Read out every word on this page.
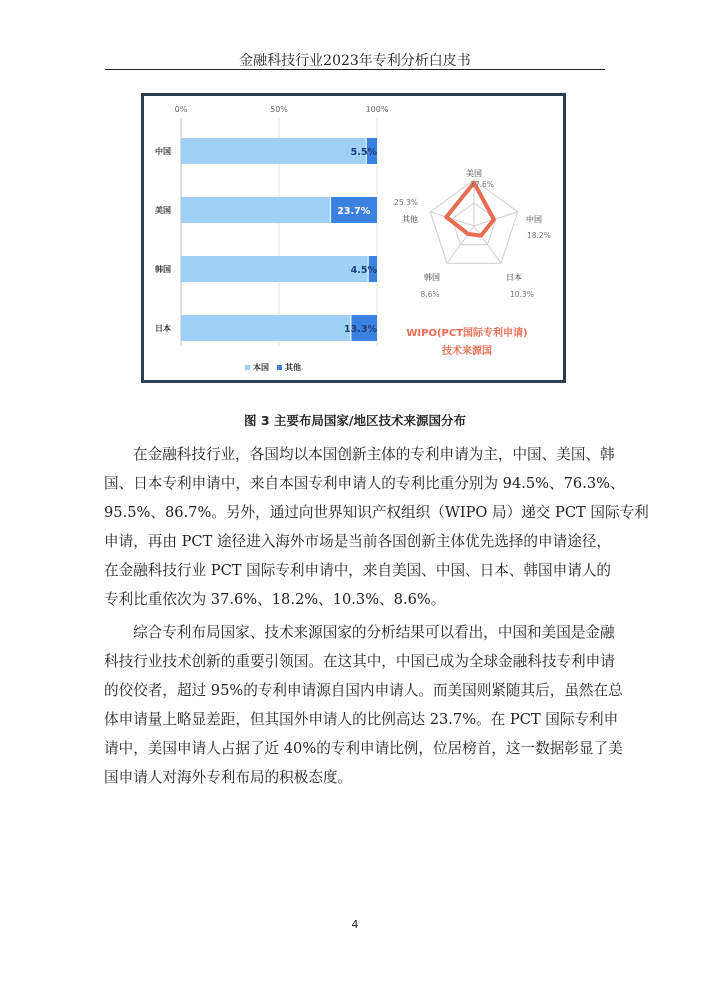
金融科技行业2023年专利分析白皮书
0%	50%	100%
中国	5.5%
美国	23.7%
韩国	4.5%
日本	13.3%
本国 其他
美国
37.6%
中国
18.2%
日本
10.3%
韩国
8.6%
其他
25.3%
WIPO(PCT国际专利申请)
技术来源国
图 3 主要布局国家/地区技术来源国分布
在金融科技行业，各国均以本国创新主体的专利申请为主，中国、美国、韩
国、日本专利申请中，来自本国专利申请人的专利比重分别为 94.5%、76.3%、
95.5%、86.7%。另外，通过向世界知识产权组织（WIPO 局）递交 PCT 国际专利
申请，再由 PCT 途径进入海外市场是当前各国创新主体优先选择的申请途径，
在金融科技行业 PCT 国际专利申请中，来自美国、中国、日本、韩国申请人的
专利比重依次为 37.6%、18.2%、10.3%、8.6%。
综合专利布局国家、技术来源国家的分析结果可以看出，中国和美国是金融
科技行业技术创新的重要引领国。在这其中，中国已成为全球金融科技专利申请
的佼佼者，超过 95%的专利申请源自国内申请人。而美国则紧随其后，虽然在总
体申请量上略显差距，但其国外申请人的比例高达 23.7%。在 PCT 国际专利申
请中，美国申请人占据了近 40%的专利申请比例，位居榜首，这一数据彰显了美
国申请人对海外专利布局的积极态度。
4
